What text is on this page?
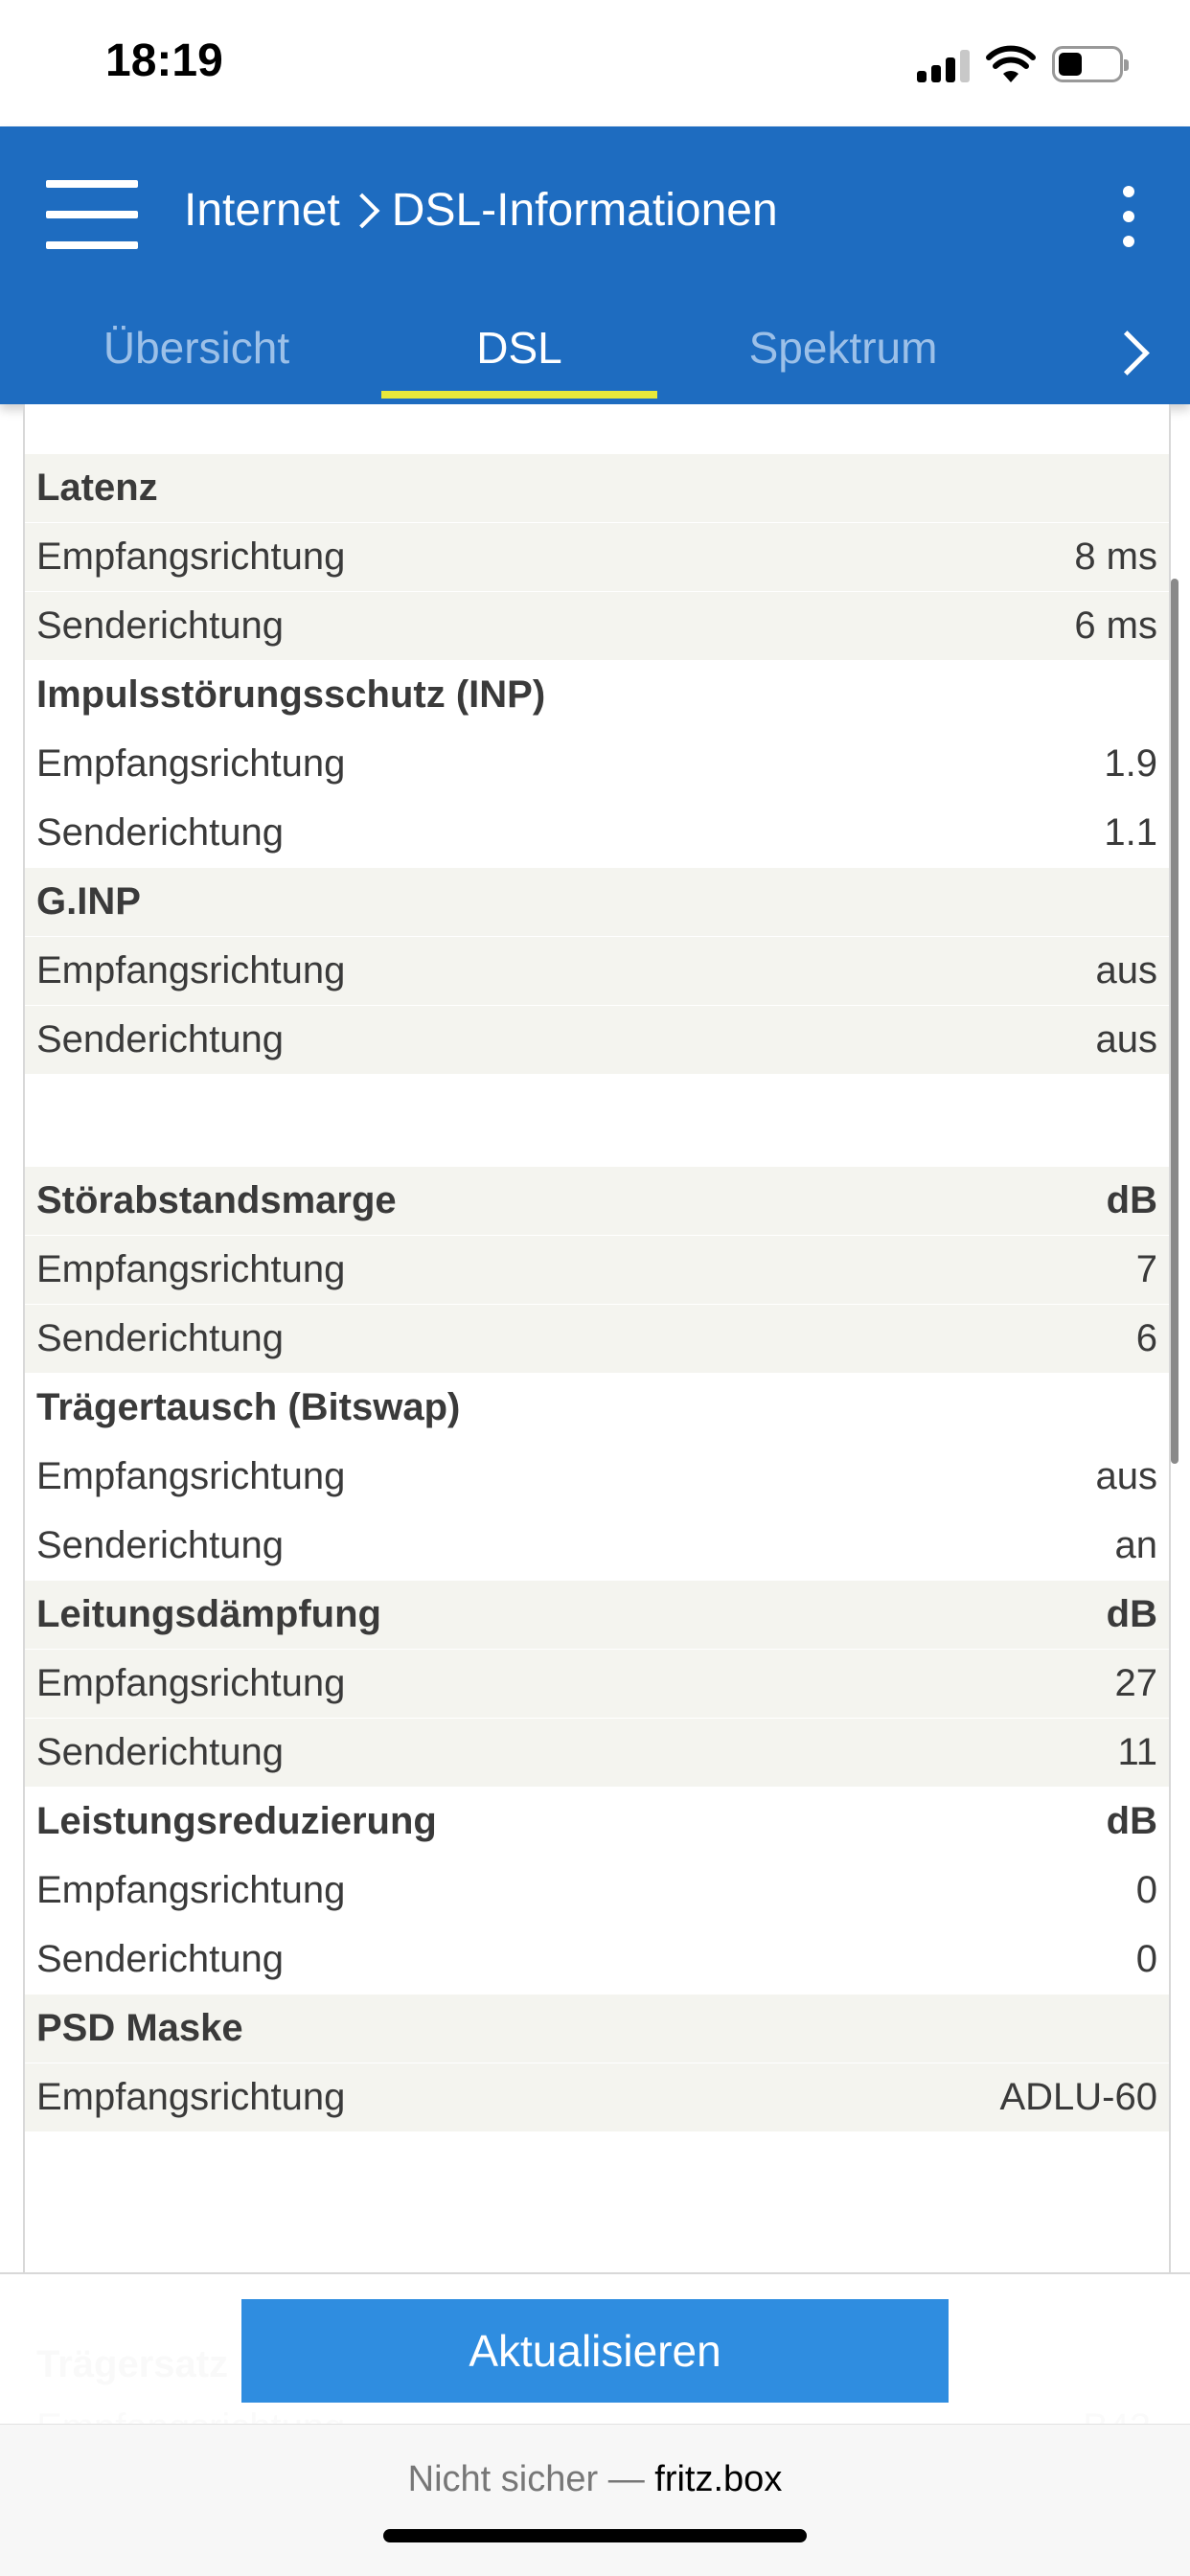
18:19
Internet DSL-Informationen
Übersicht	DSL	Spektrum
Latenz
Empfangsrichtung	8 ms
Senderichtung	6 ms
Impulsstörungsschutz (INP)
Empfangsrichtung	1.9
Senderichtung	1.1
G.INP
Empfangsrichtung	aus
Senderichtung	aus
Störabstandsmarge	dB
Empfangsrichtung	7
Senderichtung	6
Trägertausch (Bitswap)
Empfangsrichtung	aus
Senderichtung	an
Leitungsdämpfung	dB
Empfangsrichtung	27
Senderichtung	11
Leistungsreduzierung	dB
Empfangsrichtung	0
Senderichtung	0
PSD Maske
Empfangsrichtung	ADLU-60
Aktualisieren
Nicht sicher — fritz.box
